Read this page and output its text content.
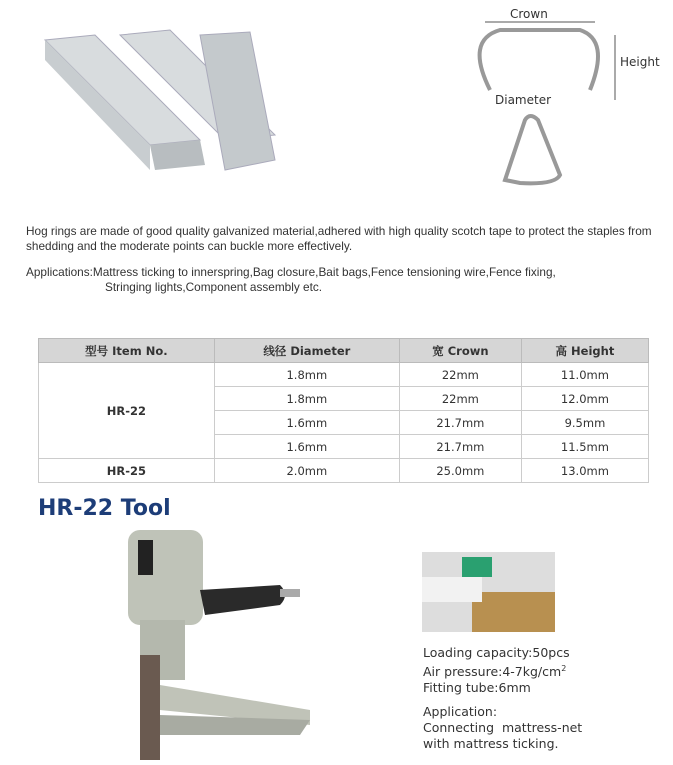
Crown
Height
Diameter
Hog rings are made of good quality galvanized material,adhered with high quality scotch tape to protect the staples from shedding and the moderate points can buckle more effectively.
Applications:Mattress ticking to innerspring,Bag closure,Bait bags,Fence tensioning wire,Fence fixing,
Stringing lights,Component assembly etc.
型号 Item No.	线径 Diameter	宽 Crown	高 Height
HR-22	1.8mm	22mm	11.0mm
	1.8mm	22mm	12.0mm
	1.6mm	21.7mm	9.5mm
	1.6mm	21.7mm	11.5mm
HR-25	2.0mm	25.0mm	13.0mm
HR-22 Tool
Loading capacity:50pcs
Air $pressure:4-7kg/cm^2$
Fitting tube:6mm
Application:
Connecting  mattress-net
with mattress ticking.
